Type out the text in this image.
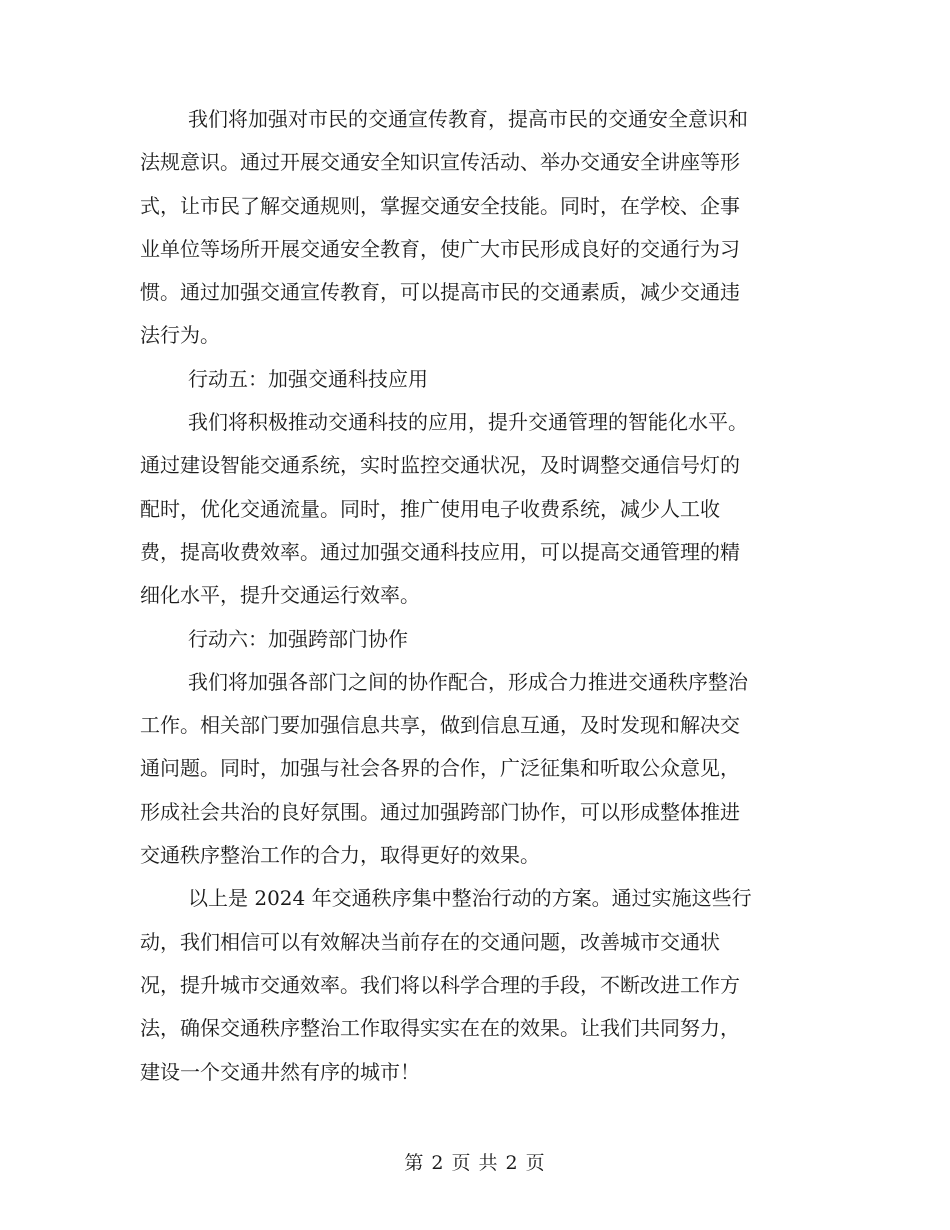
我们将加强对市民的交通宣传教育，提高市民的交通安全意识和
法规意识。通过开展交通安全知识宣传活动、举办交通安全讲座等形
式，让市民了解交通规则，掌握交通安全技能。同时，在学校、企事
业单位等场所开展交通安全教育，使广大市民形成良好的交通行为习
惯。通过加强交通宣传教育，可以提高市民的交通素质，减少交通违
法行为。

行动五：加强交通科技应用

我们将积极推动交通科技的应用，提升交通管理的智能化水平。
通过建设智能交通系统，实时监控交通状况，及时调整交通信号灯的
配时，优化交通流量。同时，推广使用电子收费系统，减少人工收
费，提高收费效率。通过加强交通科技应用，可以提高交通管理的精
细化水平，提升交通运行效率。

行动六：加强跨部门协作

我们将加强各部门之间的协作配合，形成合力推进交通秩序整治
工作。相关部门要加强信息共享，做到信息互通，及时发现和解决交
通问题。同时，加强与社会各界的合作，广泛征集和听取公众意见，
形成社会共治的良好氛围。通过加强跨部门协作，可以形成整体推进
交通秩序整治工作的合力，取得更好的效果。
以上是 2024 年交通秩序集中整治行动的方案。通过实施这些行
动，我们相信可以有效解决当前存在的交通问题，改善城市交通状
况，提升城市交通效率。我们将以科学合理的手段，不断改进工作方
法，确保交通秩序整治工作取得实实在在的效果。让我们共同努力，
建设一个交通井然有序的城市！
第 2 页 共 2 页
